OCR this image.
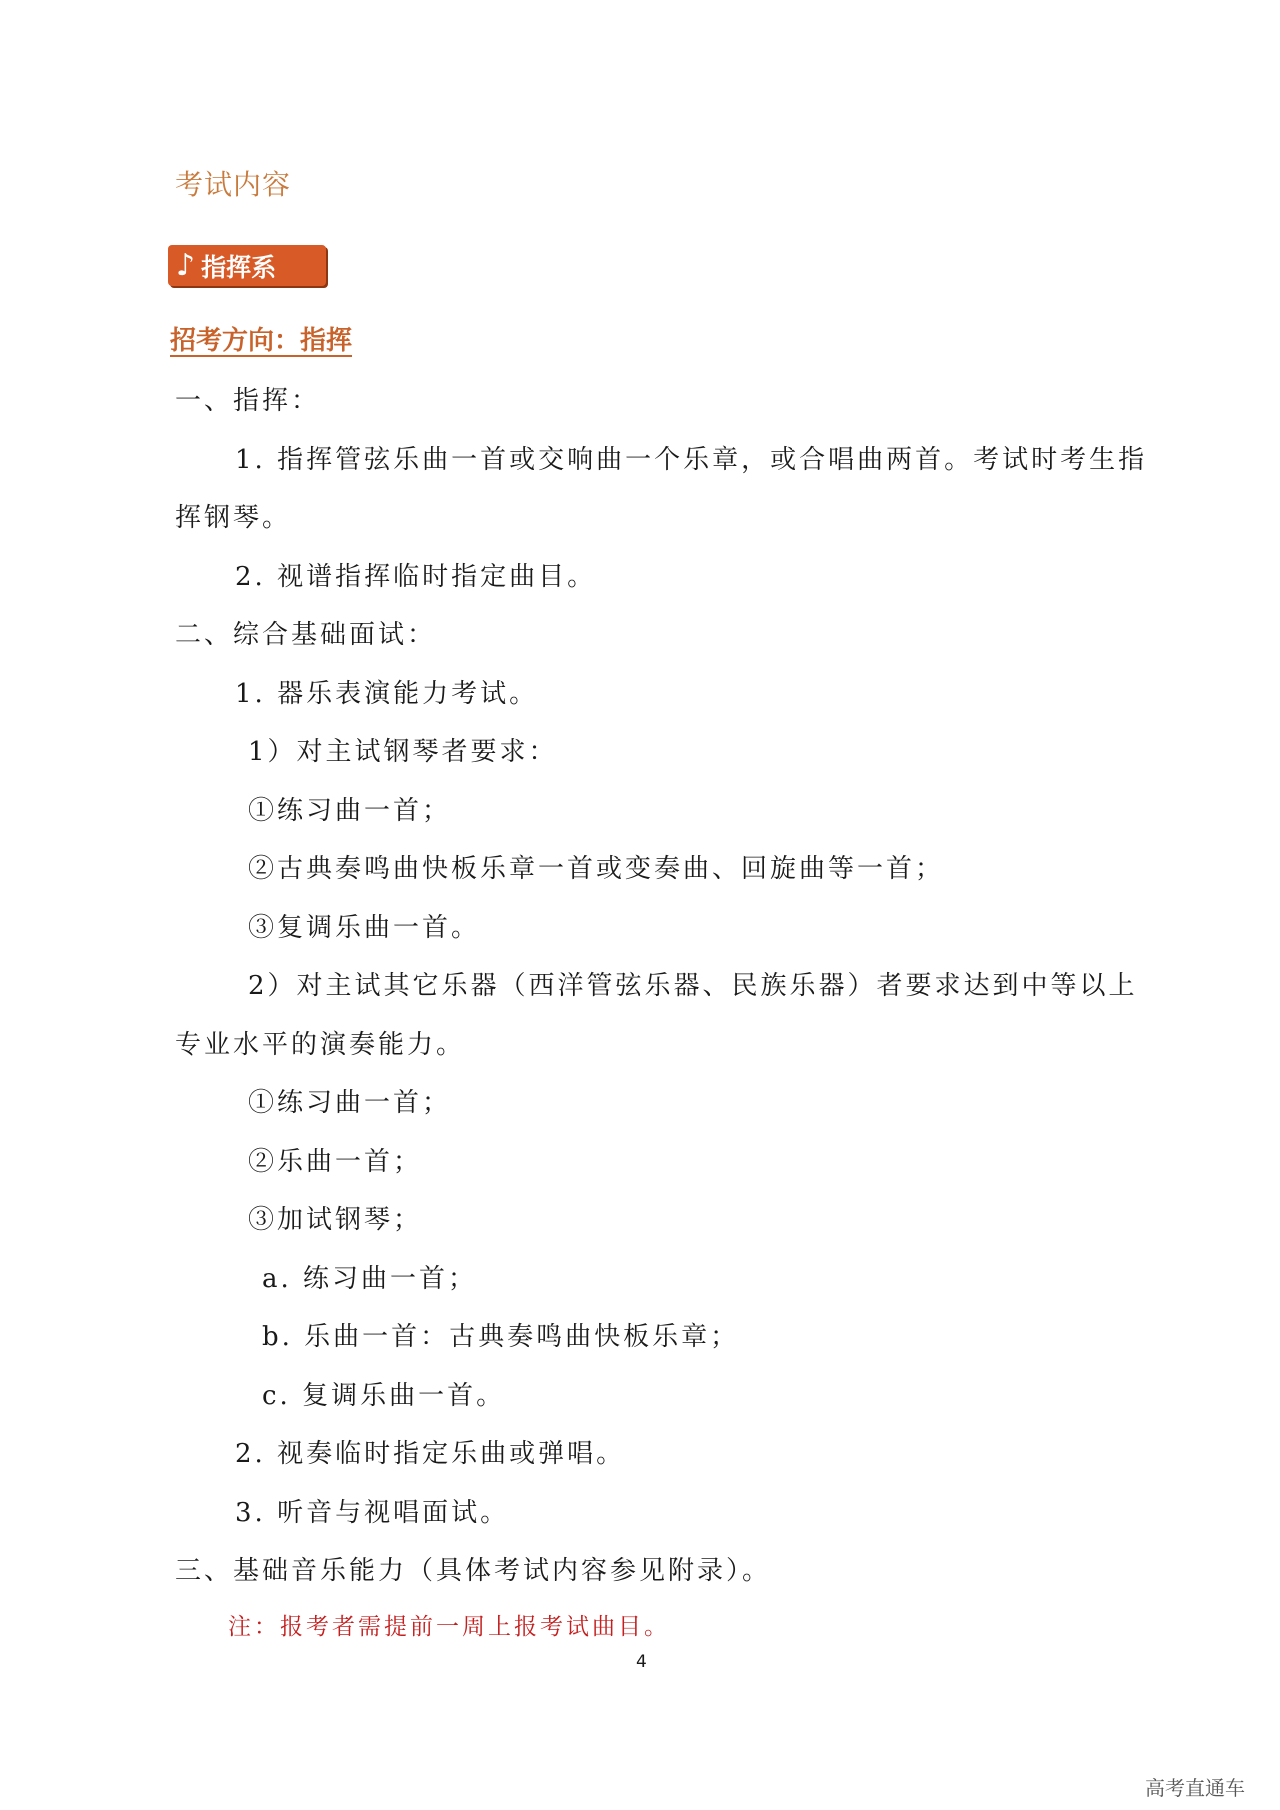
考试内容
♪ 指挥系
招考方向：指挥
一、指挥：
1. 指挥管弦乐曲一首或交响曲一个乐章，或合唱曲两首。考试时考生指
挥钢琴。
2. 视谱指挥临时指定曲目。
二、综合基础面试：
1. 器乐表演能力考试。
1）对主试钢琴者要求：
①练习曲一首；
②古典奏鸣曲快板乐章一首或变奏曲、回旋曲等一首；
③复调乐曲一首。
2）对主试其它乐器（西洋管弦乐器、民族乐器）者要求达到中等以上
专业水平的演奏能力。
①练习曲一首；
②乐曲一首；
③加试钢琴；
a. 练习曲一首；
b. 乐曲一首：古典奏鸣曲快板乐章；
c. 复调乐曲一首。
2. 视奏临时指定乐曲或弹唱。
3. 听音与视唱面试。
三、基础音乐能力（具体考试内容参见附录）。
注：报考者需提前一周上报考试曲目。
4
高考直通车
